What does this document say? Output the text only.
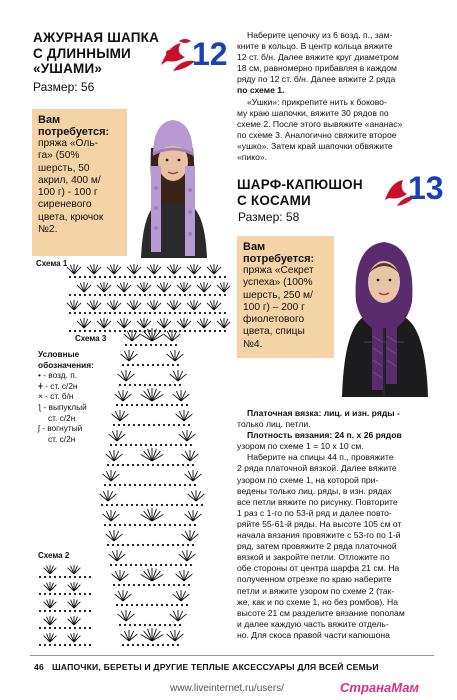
АЖУРНАЯ ШАПКА
С ДЛИННЫМИ
«УШАМИ»	12
Размер: 56
Вам
потребуется:
пряжа «Оль-
га» (50%
шерсть, 50
акрил, 400 м/
100 г) - 100 г
сиреневого
цвета, крючок
№2.
Схема 1
Схема 3
Схема 2
Условные
обозначения:
• - возд. п.
ǂ - ст. с/2н
× - ст. б/н
ƪ - выпуклый
ст. с/2н
ʃ - вогнутый
ст. с/2н
Наберите цепочку из 6 возд. п., зам-
кните в кольцо. В центр кольца вяжите
12 ст. б/н. Далее вяжите круг диаметром
18 см, равномерно прибавляя в каждом
ряду по 12 ст. б/н. Далее вяжите 2 ряда
по схеме 1.
«Ушки»: прикрепите нить к боково-
му краю шапочки, вяжите 30 рядов по
схеме 2. После этого вывяжите «ананас»
по схеме 3. Аналогично свяжите второе
«ушко». Затем край шапочки обвяжите
«пико».
ШАРФ-КАПЮШОН
С КОСАМИ	13
Размер: 58
Вам
потребуется:
пряжа «Секрет
успеха» (100%
шерсть, 250 м/
100 г) – 200 г
фиолетового
цвета, спицы
№4.
Платочная вязка: лиц. и изн. ряды -
только лиц. петли.
Плотность вязания: 24 п. х 26 рядов
узором по схеме 1 = 10 х 10 см.
Наберите на спицы 44 п., провяжите
2 ряда платочной вязкой. Далее вяжите
узором по схеме 1, на которой при-
ведены только лиц. ряды, в изн. рядах
все петли вяжите по рисунку. Повторите
1 раз с 1-го по 53-й ряд и далее повто-
ряйте 55-61-й ряды. На высоте 105 см от
начала вязания провяжите с 53-го по 1-й
ряд, затем провяжите 2 ряда платочной
вязкой и закройте петли. Отложите по
обе стороны от центра шарфа 21 см. На
полученном отрезке по краю наберите
петли и вяжите узором по схеме 2 (так-
же, как и по схеме 1, но без ромбов). На
высоте 21 см разделите вязание пополам
и далее каждую часть вяжите отдель-
но. Для скоса правой части капюшона
46 ШАПОЧКИ, БЕРЕТЫ И ДРУГИЕ ТЕПЛЫЕ АКСЕССУАРЫ ДЛЯ ВСЕЙ СЕМЬИ
www.liveinternet.ru/users/	СтранаМам
